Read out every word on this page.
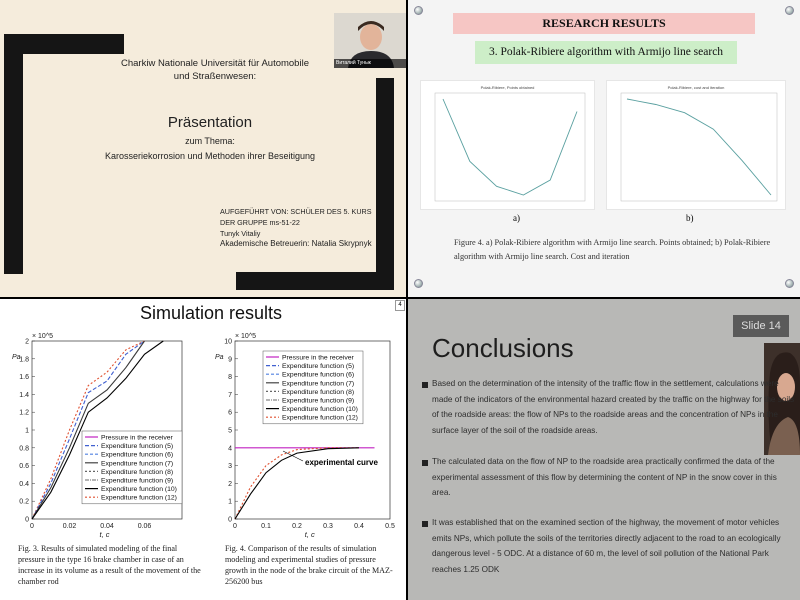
Виталий Тунык
Charkiw Nationale Universität für Automobile und Straßenwesen:
Präsentation
zum Thema:
Karosseriekorrosion und Methoden ihrer Beseitigung
AUFGEFÜHRT VON: SCHÜLER DES 5. KURS
DER GRUPPE ms-51-22
Tunyk Vitaliy
Akademische Betreuerin: Natalia Skrypnyk
RESEARCH RESULTS
3. Polak-Ribiere algorithm with Armijo line search
Polak-Ribiere, Points obtained	Polak-Ribiere, cost and iteration
a)	b)
Figure 4. a) Polak-Ribiere algorithm with Armijo line search. Points obtained; b) Polak-Ribiere algorithm with Armijo line search. Cost and iteration
Simulation results	4
0
0.2
0.4
0.6
0.8
1
1.2
1.4
1.6
1.8
2
0	0.02	0.04	0.06
× 10^5
Pa
t, c
Pressure in the receiver
Expenditure function (5)
Expenditure function (6)
Expenditure function (7)
Expenditure function (8)
Expenditure function (9)
Expenditure function (10)
Expenditure function (12)
0
1
2
3
4
5
6
7
8
9
10
0	0.1	0.2	0.3	0.4	0.5
× 10^5
Pa
t, c
Pressure in the receiver
Expenditure function (5)
Expenditure function (6)
Expenditure function (7)
Expenditure function (8)
Expenditure function (9)
Expenditure function (10)
Expenditure function (12)
experimental curve
Fig. 3. Results of simulated modeling of the final pressure in the type 16 brake chamber in case of an increase in its volume as a result of the movement of the chamber rod
Fig. 4. Comparison of the results of simulation modeling and experimental studies of pressure growth in the node of the brake circuit of the MAZ-256200 bus
Slide 14
Conclusions
Based on the determination of the intensity of the traffic flow in the settlement, calculations were made of the indicators of the environmental hazard created by the traffic on the highway for the soils of the roadside areas: the flow of NPs to the roadside areas and the concentration of NPs in the surface layer of the soil of the roadside areas.
The calculated data on the flow of NP to the roadside area practically confirmed the data of the experimental assessment of this flow by determining the content of NP in the snow cover in this area.
It was established that on the examined section of the highway, the movement of motor vehicles emits NPs, which pollute the soils of the territories directly adjacent to the road to an ecologically dangerous level - 5 ODC. At a distance of 60 m, the level of soil pollution of the National Park reaches 1.25 ODK
